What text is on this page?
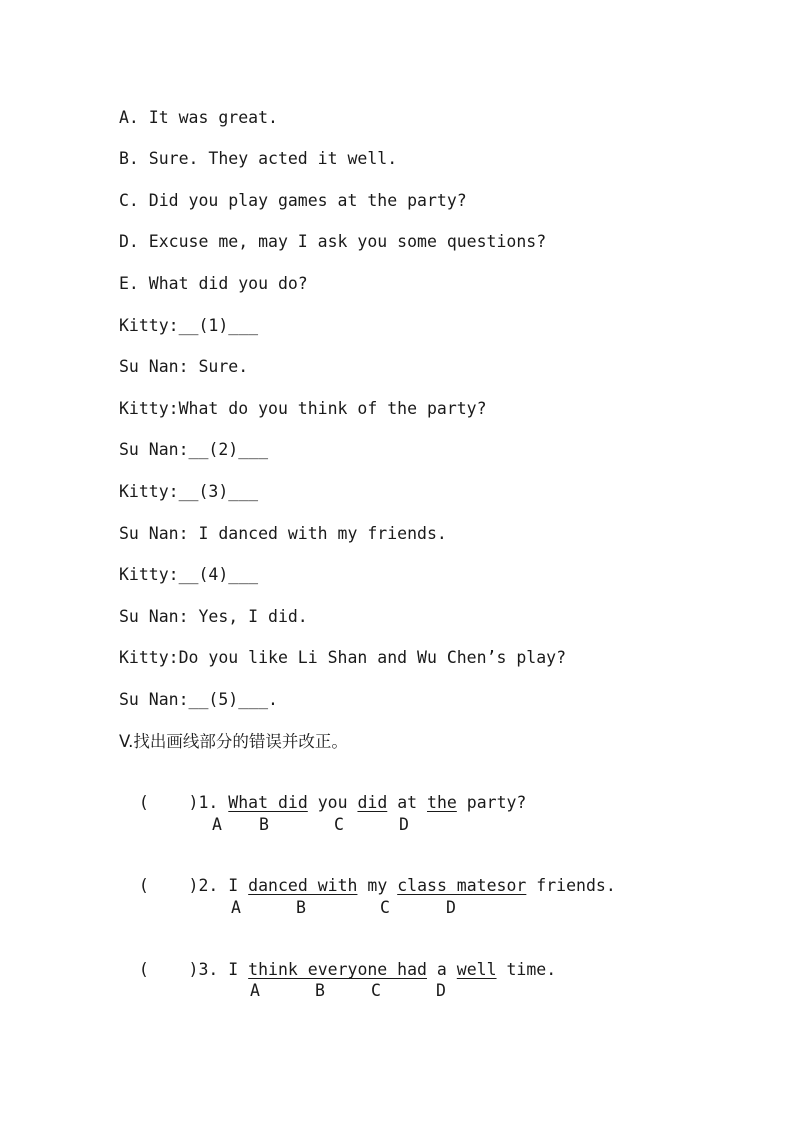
A. It was great.
B. Sure. They acted it well.
C. Did you play games at the party?
D. Excuse me, may I ask you some questions?
E. What did you do?
Kitty:__(1)___
Su Nan: Sure.
Kitty:What do you think of the party?
Su Nan:__(2)___
Kitty:__(3)___
Su Nan: I danced with my friends.
Kitty:__(4)___
Su Nan: Yes, I did.
Kitty:Do you like Li Shan and Wu Chen’s play?
Su Nan:__(5)___.
V.找出画线部分的错误并改正。

(    )1. What did you did at the party?

A B	C	D

(    )2. I danced with my class matesor friends.

A	B	C	D

(    )3. I think everyone had a well time.

A	B	C	D
